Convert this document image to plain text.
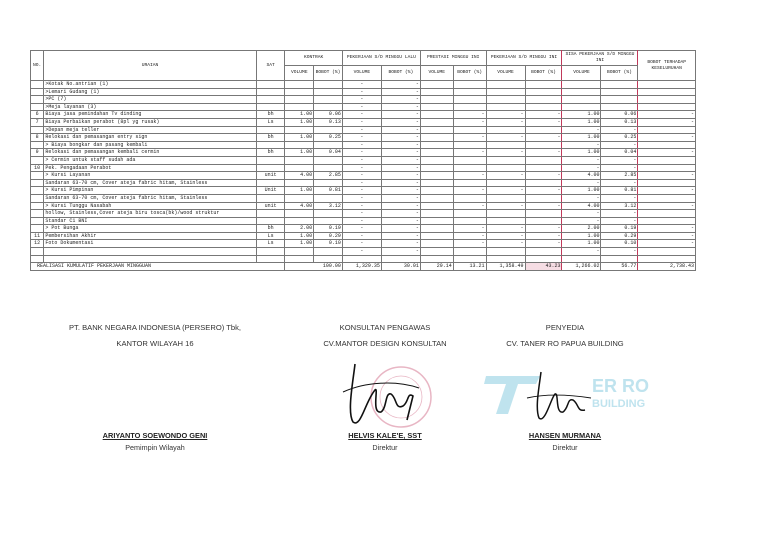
NO.	URAIAN	SAT	KONTRAK		PEKERJAAN S/D MINGGU LALU		PRESTASI MINGGU INI		PEKERJAAN S/D MINGGU INI		SISA PEKERJAAN S/D MINGGU INI		BOBOT TERHADAP KESELURUHAN
			VOLUME	BOBOT (%)	VOLUME	BOBOT (%)	VOLUME	BOBOT (%)	VOLUME	BOBOT (%)	VOLUME	BOBOT (%)	
	>Kotak No.antrian (1)				-	-							
	>Lemari Gudang (1)				-	-							
	>PC (7)				-	-							
	>Meja layanan (3)				-	-							
6	Biaya jasa pemindahan Tv dinding	bh	1.00	0.06	-	-		-	-	-	1.00	0.06	-
7	Biaya Perbaikan perabot (8pl yg rusak)	Ls	1.00	0.13	-	-		-	-	-	1.00	0.13	-
	>Depan meja teller				-	-					-	-	
8	Relokasi dan pemasangan entry sign	bh	1.00	0.25	-	-		-	-	-	1.00	0.25	-
	> Biaya bongkar dan pasang kembali				-	-					-	-	
9	Relokasi dan pemasangan kembali cermin	bh	1.00	0.04	-	-		-	-	-	1.00	0.04	-
	> Cermin untuk staff sudah ada				-	-					-	-	
10	Pek. Pengadaan Perabot				-	-					-	-	
	> Kursi Layanan	unit	4.00	2.85	-	-		-	-	-	4.00	2.85	-
	Sandaran 63-70 cm, Cover ateja fabric hitam, Stainless				-	-					-	-	
	> Kursi Pimpinan	Unit	1.00	0.81	-	-		-	-	-	1.00	0.81	-
	Sandaran 63-70 cm, Cover ateja fabric hitam, Stainless				-	-					-	-	
	> Kursi Tunggu Nasabah	unit	4.00	3.12	-	-		-	-	-	4.00	3.12	-
	hollow, Stainless,Cover ateja biru tosca(bk)/wood struktur				-	-					-	-	
	Standar C1 BNI				-	-					-	-	
	> Pot Bunga	bh	2.00	0.19	-	-		-	-	-	2.00	0.19	-
11	Pembersihan Akhir	Ls	1.00	0.29	-	-		-	-	-	1.00	0.29	-
12	Foto Dokumentasi	Ls	1.00	0.10	-	-		-	-	-	1.00	0.10	-
					-	-					-	-	

REALISASI KUMULATIF PEKERJAAN MINGGUAN			100.00		1,329.35	30.01	29.14	13.21	1,358.49	43.23	1,266.02	56.77	2,738.43
PT. BANK NEGARA INDONESIA (PERSERO) Tbk,
KANTOR WILAYAH 16
ARIYANTO SOEWONDO GENI
Pemimpin Wilayah
KONSULTAN PENGAWAS
CV.MANTOR DESIGN KONSULTAN
HELVIS KALE'E, SST
Direktur
PENYEDIA
CV. TANER RO PAPUA BUILDING
ER RO
BUILDING
HANSEN MURMANA
Direktur
